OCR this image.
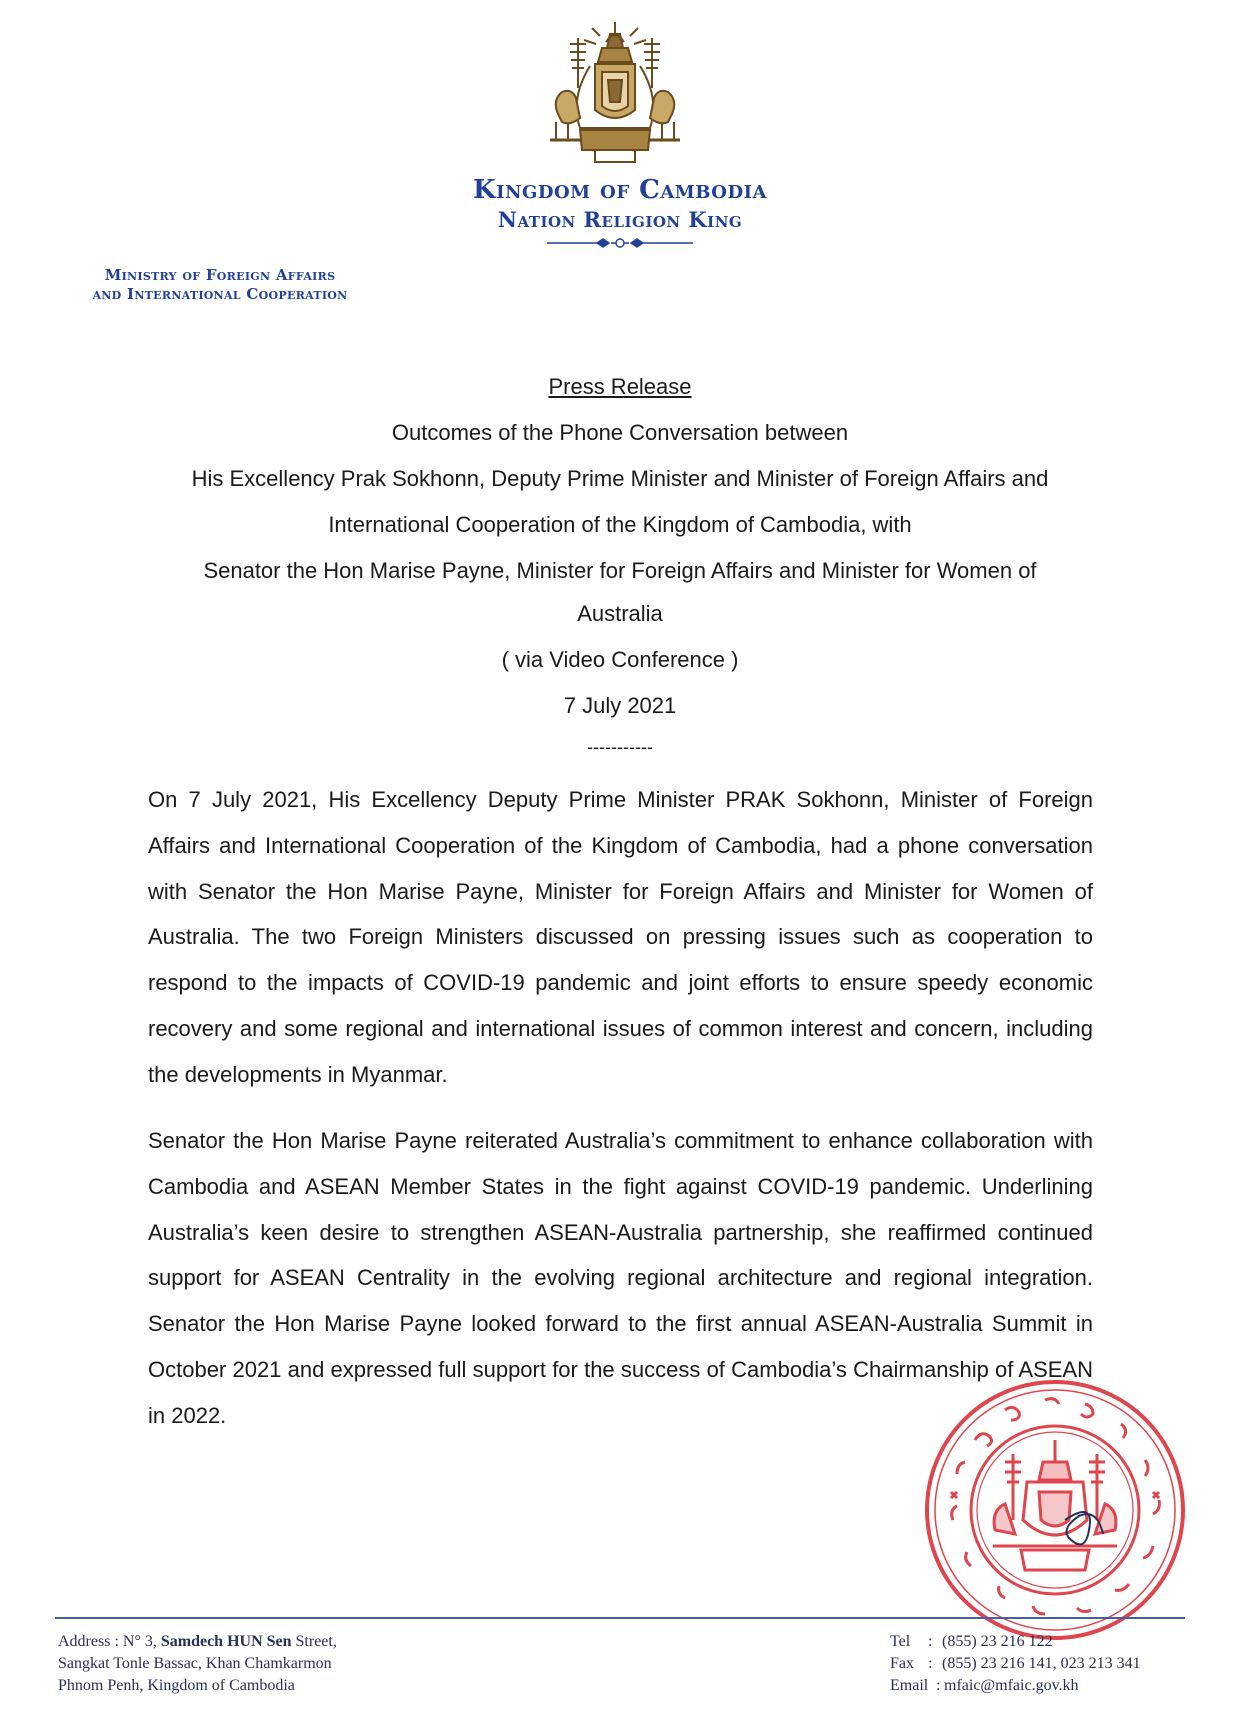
Kingdom of Cambodia
Nation Religion King
Ministry of Foreign Affairs
and International Cooperation
Press Release
Outcomes of the Phone Conversation between
His Excellency Prak Sokhonn, Deputy Prime Minister and Minister of Foreign Affairs and
International Cooperation of the Kingdom of Cambodia, with
Senator the Hon Marise Payne, Minister for Foreign Affairs and Minister for Women of
Australia
( via Video Conference )
7 July 2021
-----------
On 7 July 2021, His Excellency Deputy Prime Minister PRAK Sokhonn, Minister of Foreign Affairs and International Cooperation of the Kingdom of Cambodia, had a phone conversation with Senator the Hon Marise Payne, Minister for Foreign Affairs and Minister for Women of Australia. The two Foreign Ministers discussed on pressing issues such as cooperation to respond to the impacts of COVID-19 pandemic and joint efforts to ensure speedy economic recovery and some regional and international issues of common interest and concern, including the developments in Myanmar.
Senator the Hon Marise Payne reiterated Australia’s commitment to enhance collaboration with Cambodia and ASEAN Member States in the fight against COVID-19 pandemic. Underlining Australia’s keen desire to strengthen ASEAN-Australia partnership, she reaffirmed continued support for ASEAN Centrality in the evolving regional architecture and regional integration. Senator the Hon Marise Payne looked forward to the first annual ASEAN-Australia Summit in October 2021 and expressed full support for the success of Cambodia’s Chairmanship of ASEAN in 2022.
Address : N° 3, Samdech HUN Sen Street,
Sangkat Tonle Bassac, Khan Chamkarmon
Phnom Penh, Kingdom of Cambodia
Tel	: (855) 23 216 122
Fax : (855) 23 216 141, 023 213 341
Email : mfaic@mfaic.gov.kh
